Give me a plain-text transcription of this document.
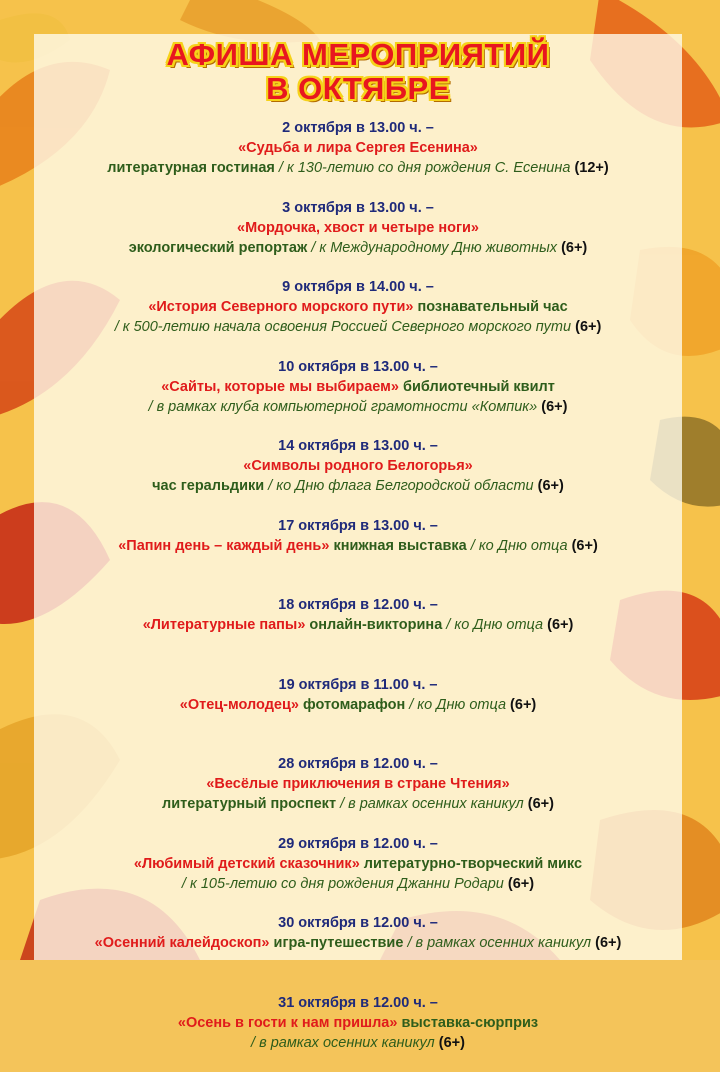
АФИША МЕРОПРИЯТИЙ
В ОКТЯБРЕ
2 октября в 13.00 ч. –
«Судьба и лира Сергея Есенина»
литературная гостиная / к 130-летию со дня рождения С. Есенина (12+)
3 октября в 13.00 ч. –
«Мордочка, хвост и четыре ноги»
экологический репортаж / к Международному Дню животных (6+)
9 октября в 14.00 ч. –
«История Северного морского пути» познавательный час
/ к 500-летию начала освоения Россией Северного морского пути (6+)
10 октября в 13.00 ч. –
«Сайты, которые мы выбираем» библиотечный квилт
/ в рамках клуба компьютерной грамотности «Компик» (6+)
14 октября в 13.00 ч. –
«Символы родного Белогорья»
час геральдики / ко Дню флага Белгородской области (6+)
17 октября в 13.00 ч. –
«Папин день – каждый день» книжная выставка / ко Дню отца (6+)
18 октября в 12.00 ч. –
«Литературные папы» онлайн-викторина / ко Дню отца (6+)
19 октября в 11.00 ч. –
«Отец-молодец» фотомарафон / ко Дню отца (6+)
28 октября в 12.00 ч. –
«Весёлые приключения в стране Чтения»
литературный проспект / в рамках осенних каникул (6+)
29 октября в 12.00 ч. –
«Любимый детский сказочник» литературно-творческий микс
/ к 105-летию со дня рождения Джанни Родари (6+)
30 октября в 12.00 ч. –
«Осенний калейдоскоп» игра-путешествие / в рамках осенних каникул (6+)
31 октября в 12.00 ч. –
«Осень в гости к нам пришла» выставка-сюрприз
/ в рамках осенних каникул (6+)
